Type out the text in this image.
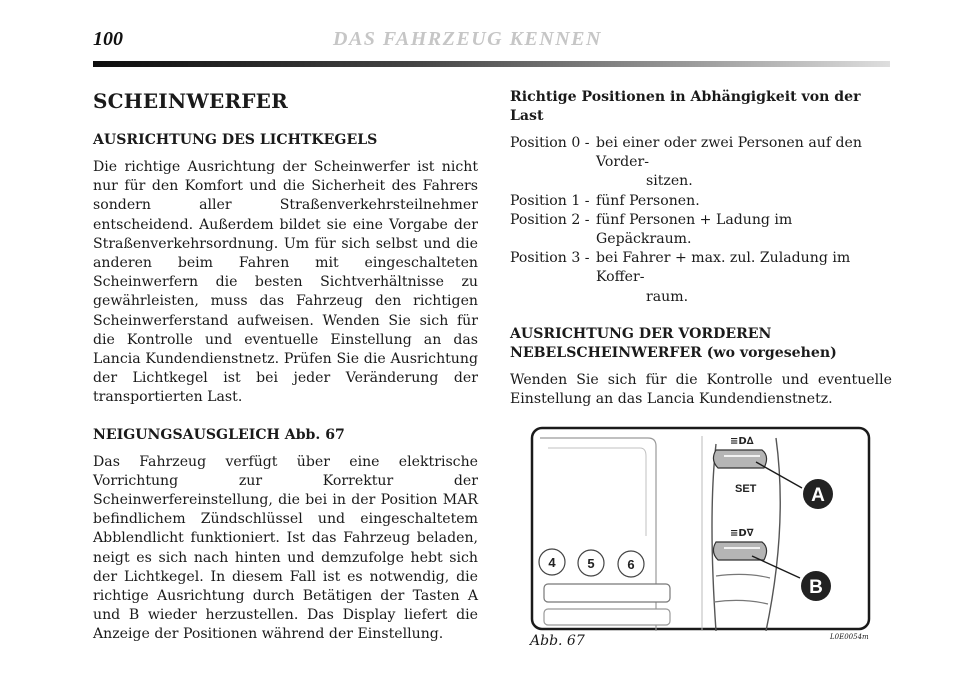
100	DAS FAHRZEUG KENNEN
SCHEINWERFER
AUSRICHTUNG DES LICHTKEGELS

Die richtige Ausrichtung der Scheinwerfer ist nicht nur für den Komfort und die Sicherheit des Fahrers sondern aller Straßenverkehrsteilnehmer entscheidend. Außerdem bildet sie eine Vorgabe der Straßenverkehrsordnung. Um für sich selbst und die anderen beim Fahren mit eingeschalteten Scheinwerfern die besten Sichtverhältnisse zu gewährleisten, muss das Fahrzeug den richtigen Scheinwerferstand aufweisen. Wenden Sie sich für die Kontrolle und eventuelle Einstellung an das Lancia Kundendienstnetz. Prüfen Sie die Ausrichtung der Lichtkegel ist bei jeder Veränderung der transportierten Last.

NEIGUNGSAUSGLEICH Abb. 67

Das Fahrzeug verfügt über eine elektrische Vorrichtung zur Korrektur der Scheinwerfereinstellung, die bei in der Position MAR befindlichem Zündschlüssel und eingeschaltetem Abblendlicht funktioniert. Ist das Fahrzeug beladen, neigt es sich nach hinten und demzufolge hebt sich der Lichtkegel. In diesem Fall ist es notwendig, die richtige Ausrichtung durch Betätigen der Tasten A und B wieder herzustellen. Das Display liefert die Anzeige der Positionen während der Einstellung.

Richtige Positionen in Abhängigkeit von der Last
Position 0 - bei einer oder zwei Personen auf den Vorder-
sitzen.
Position 1 - fünf Personen.
Position 2 - fünf Personen + Ladung im Gepäckraum.
Position 3 - bei Fahrer + max. zul. Zuladung im Koffer-
raum.
AUSRICHTUNG DER VORDEREN
NEBELSCHEINWERFER (wo vorgesehen)

Wenden Sie sich für die Kontrolle und eventuelle Einstellung an das Lancia Kundendienstnetz.

4 5	6
≡D∆
SET
≡D∇
A
B
Abb. 67	L0E0054m
